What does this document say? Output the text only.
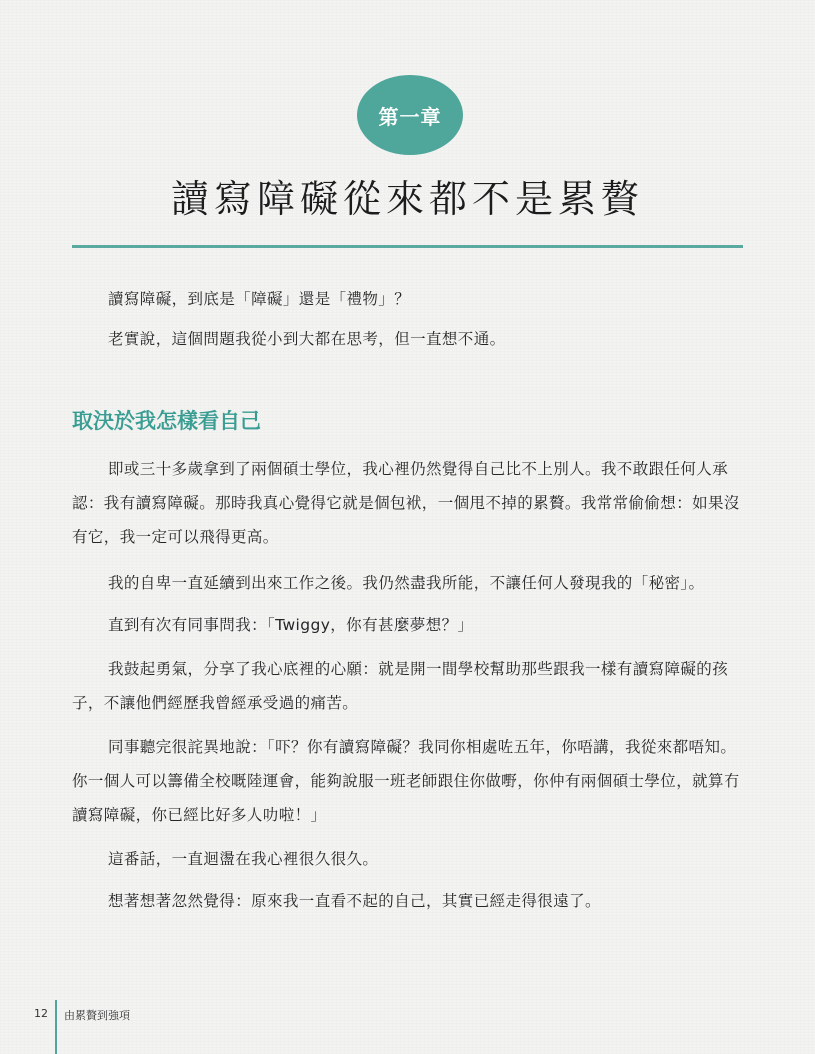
第一章
讀寫障礙從來都不是累贅

讀寫障礙，到底是「障礙」還是「禮物」？

老實說，這個問題我從小到大都在思考，但一直想不通。

取決於我怎樣看自己

即或三十多歲拿到了兩個碩士學位，我心裡仍然覺得自己比不上別人。我不敢跟任何人承認：我有讀寫障礙。那時我真心覺得它就是個包袱，一個甩不掉的累贅。我常常偷偷想：如果沒有它，我一定可以飛得更高。

我的自卑一直延續到出來工作之後。我仍然盡我所能，不讓任何人發現我的「秘密」。

直到有次有同事問我：「Twiggy，你有甚麼夢想？」

我鼓起勇氣，分享了我心底裡的心願：就是開一間學校幫助那些跟我一樣有讀寫障礙的孩子，不讓他們經歷我曾經承受過的痛苦。

同事聽完很詫異地說：「吓？你有讀寫障礙？我同你相處咗五年，你唔講，我從來都唔知。你一個人可以籌備全校嘅陸運會，能夠說服一班老師跟住你做嘢，你仲有兩個碩士學位，就算冇讀寫障礙，你已經比好多人叻啦！」

這番話，一直迴盪在我心裡很久很久。

想著想著忽然覺得：原來我一直看不起的自己，其實已經走得很遠了。

12 由累贅到強項
